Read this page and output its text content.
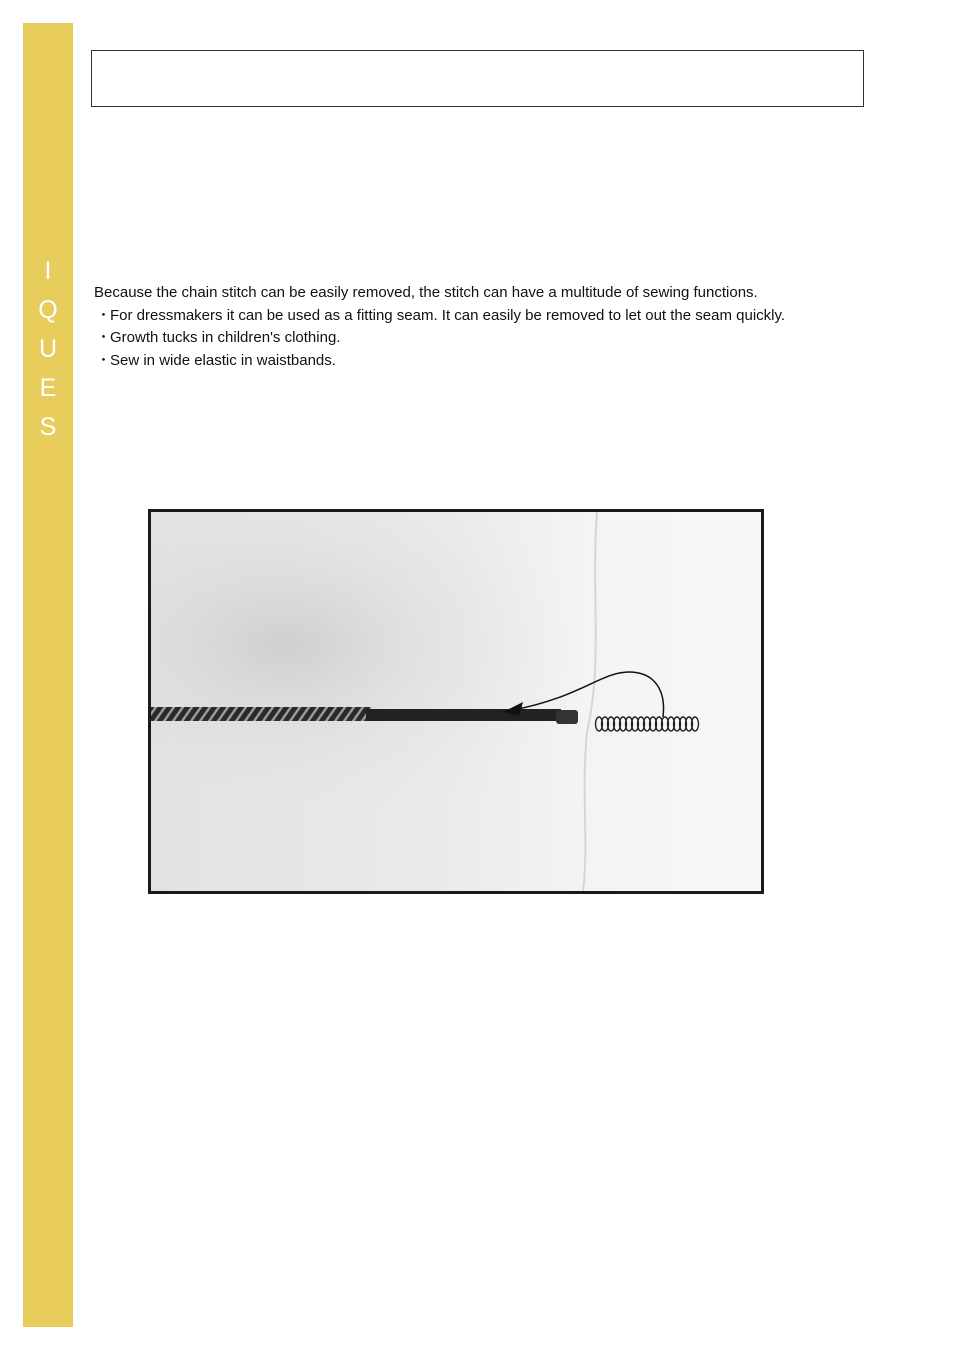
I
Q
U
E
S

Because the chain stitch can be easily removed, the stitch can have a multitude of sewing functions.

・For dressmakers it can be used as a fitting seam. It can easily be removed to let out the seam quickly.
・Growth tucks in children's clothing.
・Sew in wide elastic in waistbands.
